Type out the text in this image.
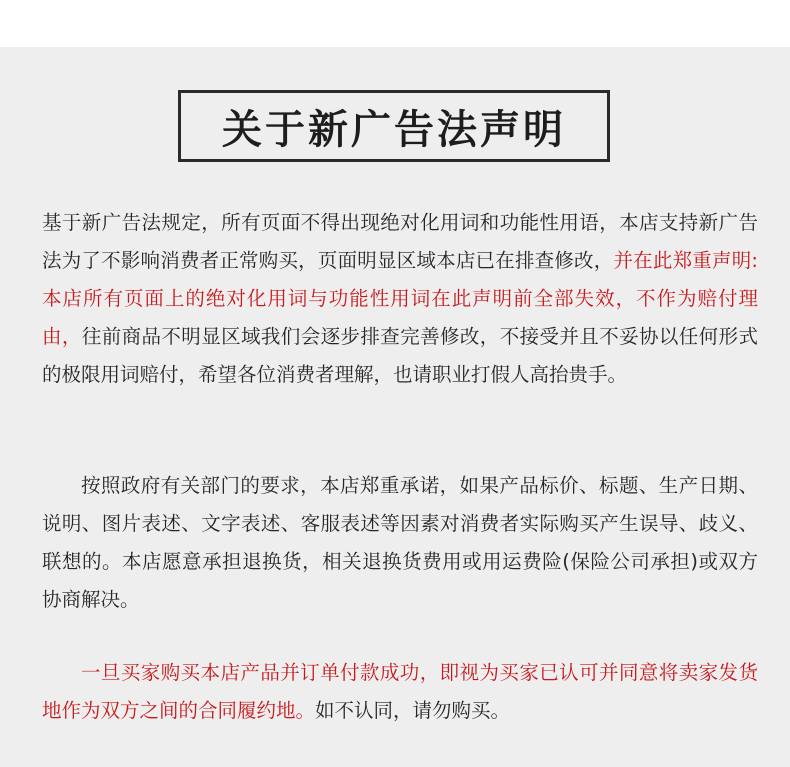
关于新广告法声明

基于新广告法规定，所有页面不得出现绝对化用词和功能性用语，本店支持新广告法为了不影响消费者正常购买，页面明显区域本店已在排查修改，并在此郑重声明:本店所有页面上的绝对化用词与功能性用词在此声明前全部失效，不作为赔付理由，往前商品不明显区域我们会逐步排查完善修改，不接受并且不妥协以任何形式的极限用词赔付，希望各位消费者理解，也请职业打假人高抬贵手。

按照政府有关部门的要求，本店郑重承诺，如果产品标价、标题、生产日期、说明、图片表述、文字表述、客服表述等因素对消费者实际购买产生误导、歧义、联想的。本店愿意承担退换货，相关退换货费用或用运费险(保险公司承担)或双方协商解决。

一旦买家购买本店产品并订单付款成功，即视为买家已认可并同意将卖家发货地作为双方之间的合同履约地。如不认同，请勿购买。
